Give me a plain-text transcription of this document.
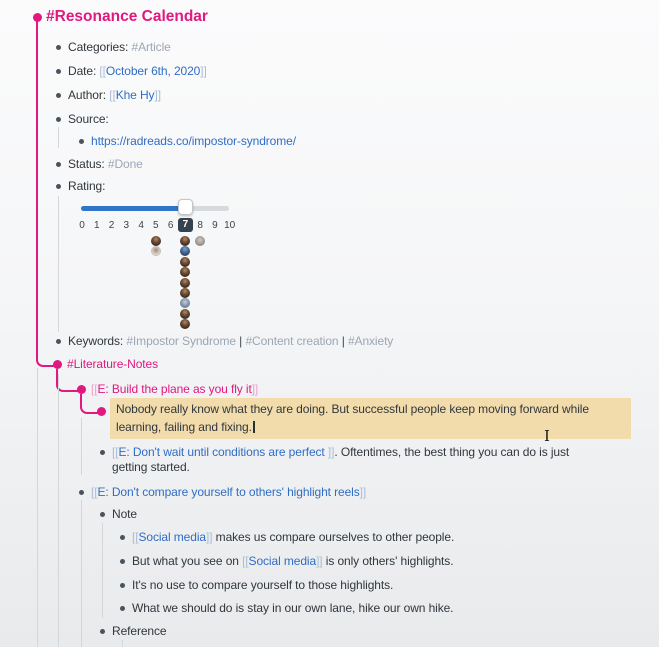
#Resonance Calendar
Categories: #Article
Date: [[October 6th, 2020]]
Author: [[Khe Hy]]
Source:
https://radreads.co/impostor-syndrome/
Status: #Done
Rating:
0 1 2 3 4 5 6 7 8 9 10
Keywords: #Impostor Syndrome | #Content creation | #Anxiety
#Literature-Notes
[[E: Build the plane as you fly it]]
Nobody really know what they are doing. But successful people keep moving forward while
learning, failing and fixing.
[[E: Don't wait until conditions are perfect ]]. Oftentimes, the best thing you can do is just
getting started.
[[E: Don't compare yourself to others' highlight reels]]
Note
[[Social media]] makes us compare ourselves to other people.
But what you see on [[Social media]] is only others' highlights.
It's no use to compare yourself to those highlights.
What we should do is stay in our own lane, hike our own hike.
Reference
I
